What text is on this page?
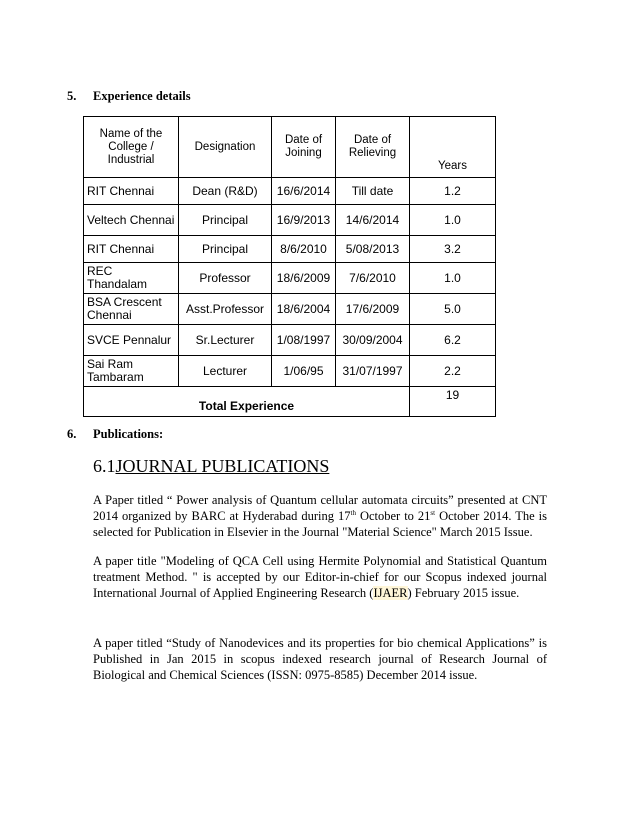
5. Experience details
Name of the College / Industrial	Designation	Date of Joining	Date of Relieving	Years
RIT Chennai	Dean (R&D)	16/6/2014	Till date	1.2
Veltech Chennai	Principal	16/9/2013	14/6/2014	1.0
RIT Chennai	Principal	8/6/2010	5/08/2013	3.2
REC Thandalam	Professor	18/6/2009	7/6/2010	1.0
BSA Crescent Chennai	Asst.Professor	18/6/2004	17/6/2009	5.0
SVCE Pennalur	Sr.Lecturer	1/08/1997	30/09/2004	6.2
Sai Ram Tambaram	Lecturer	1/06/95	31/07/1997	2.2
Total Experience				19
6. Publications:
6.1JOURNAL PUBLICATIONS
A Paper titled “ Power analysis of Quantum cellular automata circuits” presented at CNT 2014 organized by BARC at Hyderabad during 17th October to 21st October 2014. The is selected for Publication in Elsevier in the Journal "Material Science" March 2015 Issue.
A paper title "Modeling of QCA Cell using Hermite Polynomial and Statistical Quantum treatment Method. " is accepted by our Editor-in-chief for our Scopus indexed journal International Journal of Applied Engineering Research (IJAER) February 2015 issue.
A paper titled “Study of Nanodevices and its properties for bio chemical Applications” is Published in Jan 2015 in scopus indexed research journal of Research Journal of Biological and Chemical Sciences (ISSN: 0975-8585) December 2014 issue.
